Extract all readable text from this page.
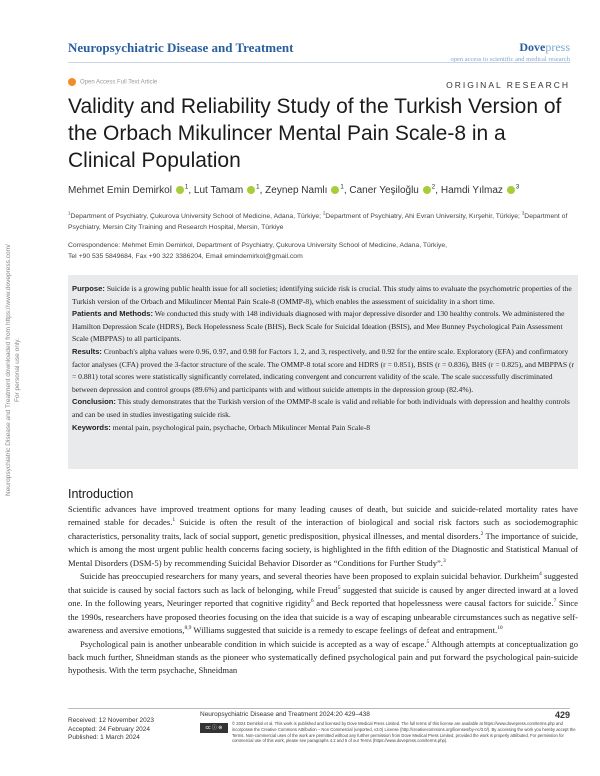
Neuropsychiatric Disease and Treatment	Dovepress
open access to scientific and medical research
Open Access Full Text Article	ORIGINAL RESEARCH
Validity and Reliability Study of the Turkish Version of the Orbach Mikulincer Mental Pain Scale-8 in a Clinical Population
Mehmet Emin Demirkol $^1$, Lut Tamam $^1$, Zeynep Namlı $^1$, Caner Yeşiloğlu $^2$, Hamdi Yılmaz $^3$
$^1$Department of Psychiatry, Çukurova University School of Medicine, Adana, Türkiye; $^2$Department of Psychiatry, Ahi Evran University, Kırşehir, Türkiye; $^3$Department of Psychiatry, Mersin City Training and Research Hospital, Mersin, Türkiye
Correspondence: Mehmet Emin Demirkol, Department of Psychiatry, Çukurova University School of Medicine, Adana, Türkiye,
Tel +90 535 5849684, Fax +90 322 3386204, Email emindemirkol@gmail.com

Purpose: Suicide is a growing public health issue for all societies; identifying suicide risk is crucial. This study aims to evaluate the psychometric properties of the Turkish version of the Orbach and Mikulincer Mental Pain Scale-8 (OMMP-8), which enables the assessment of suicidality in a short time.

Patients and Methods: We conducted this study with 148 individuals diagnosed with major depressive disorder and 130 healthy controls. We administered the Hamilton Depression Scale (HDRS), Beck Hopelessness Scale (BHS), Beck Scale for Suicidal Ideation (BSIS), and Mee Bunney Psychological Pain Assessment Scale (MBPPAS) to all participants.

Results: Cronbach's alpha values were 0.96, 0.97, and 0.98 for Factors 1, 2, and 3, respectively, and 0.92 for the entire scale. Exploratory (EFA) and confirmatory factor analyses (CFA) proved the 3-factor structure of the scale. The OMMP-8 total score and HDRS (r = 0.851), BSIS (r = 0.836), BHS (r = 0.825), and MBPPAS (r = 0.881) total scores were statistically significantly correlated, indicating convergent and concurrent validity of the scale. The scale successfully discriminated between depression and control groups (89.6%) and participants with and without suicide attempts in the depression group (82.4%).

Conclusion: This study demonstrates that the Turkish version of the OMMP-8 scale is valid and reliable for both individuals with depression and healthy controls and can be used in studies investigating suicide risk.

Keywords: mental pain, psychological pain, psychache, Orbach Mikulincer Mental Pain Scale-8

Introduction

Scientific advances have improved treatment options for many leading causes of death, but suicide and suicide-related mortality rates have remained stable for decades.$^1$ Suicide is often the result of the interaction of biological and social risk factors such as sociodemographic characteristics, personality traits, lack of social support, genetic predisposition, physical illnesses, and mental disorders.$^2$ The importance of suicide, which is among the most urgent public health concerns facing society, is highlighted in the fifth edition of the Diagnostic and Statistical Manual of Mental Disorders (DSM-5) by recommending Suicidal Behavior Disorder as “Conditions for Further Study”.$^3$

Suicide has preoccupied researchers for many years, and several theories have been proposed to explain suicidal behavior. Durkheim$^4$ suggested that suicide is caused by social factors such as lack of belonging, while Freud$^5$ suggested that suicide is caused by anger directed inward at a loved one. In the following years, Neuringer reported that cognitive rigidity$^6$ and Beck reported that hopelessness were causal factors for suicide.$^7$ Since the 1990s, researchers have proposed theories focusing on the idea that suicide is a way of escaping unbearable circumstances such as negative self-awareness and aversive emotions,$^{8,9}$ Williams suggested that suicide is a remedy to escape feelings of defeat and entrapment.$^{10}$

Psychological pain is another unbearable condition in which suicide is accepted as a way of escape.$^5$ Although attempts at conceptualization go back much further, Shneidman stands as the pioneer who systematically defined psychological pain and put forward the psychological pain-suicide hypothesis. With the term psychache, Shneidman

Neuropsychiatric Disease and Treatment downloaded from https://www.dovepress.com/ For personal use only.
Received: 12 November 2023
Accepted: 24 February 2024
Published: 1 March 2024
Neuropsychiatric Disease and Treatment 2024:20 429–438	429
cc ⓘ ⊜
© 2024 Demirkol et al. This work is published and licensed by Dove Medical Press Limited. The full terms of this license are available at https://www.dovepress.com/terms.php and incorporate the Creative Commons Attribution – Non Commercial (unported, v3.0) License (http://creativecommons.org/licenses/by-nc/3.0/). By accessing the work you hereby accept the Terms. Non-commercial uses of the work are permitted without any further permission from Dove Medical Press Limited, provided the work is properly attributed. For permission for commercial use of this work, please see paragraphs 4.2 and 5 of our Terms (https://www.dovepress.com/terms.php).
